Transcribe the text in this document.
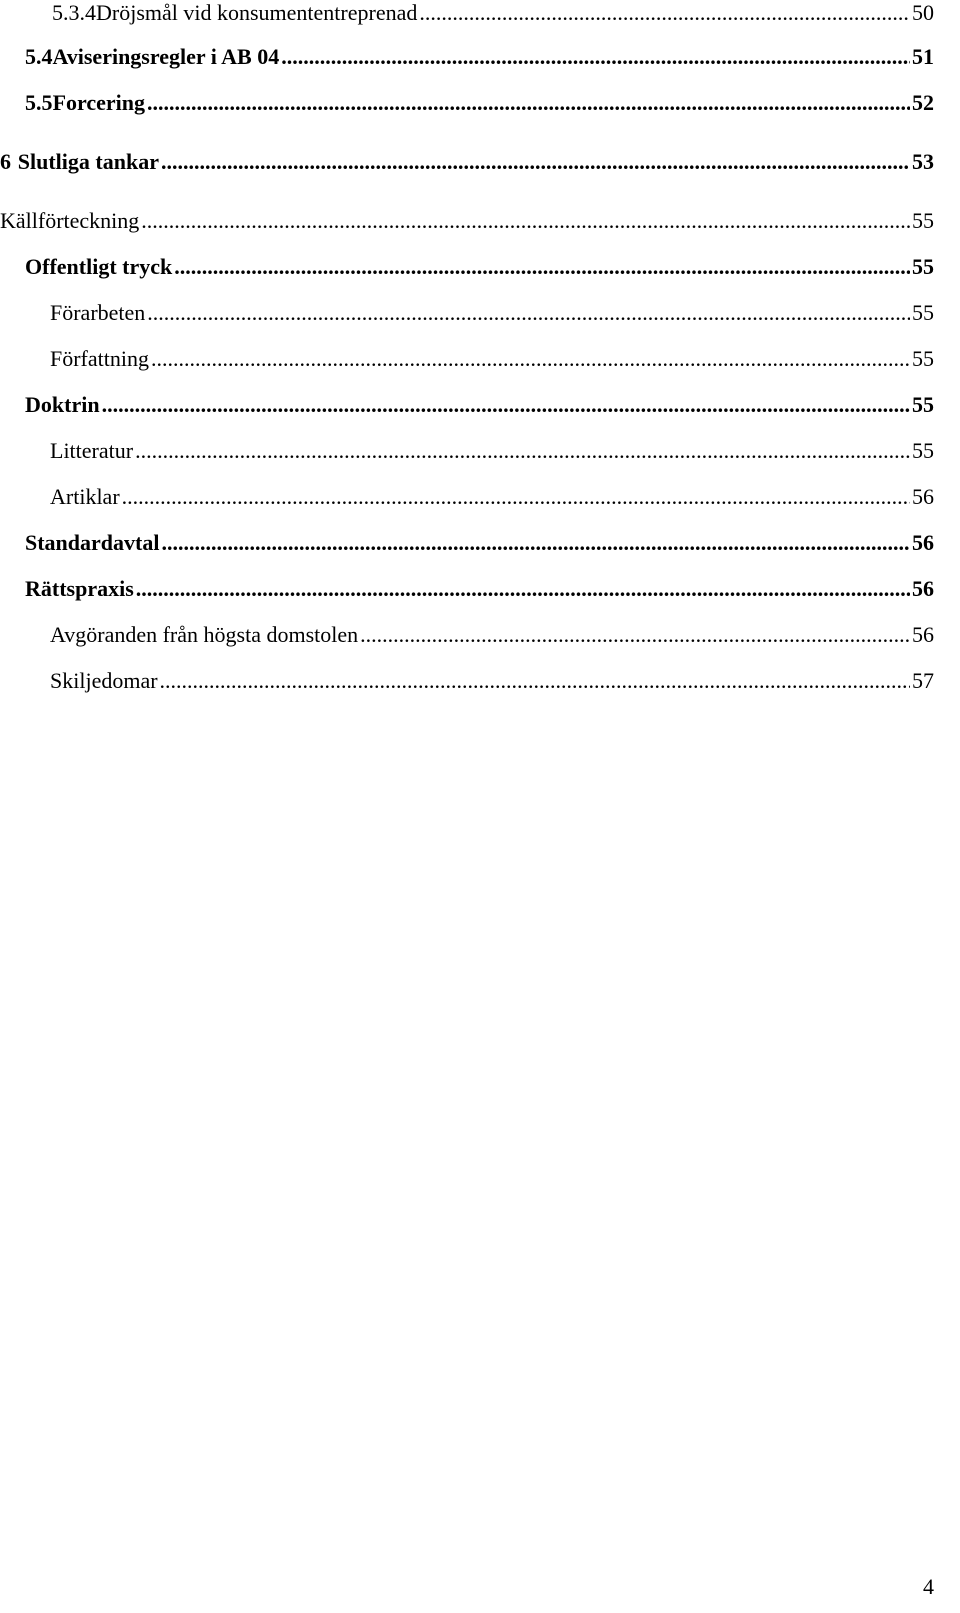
5.3.4 Dröjsmål vid konsumententreprenad .....	50
5.4 Aviseringsregler i AB 04 .....	51
5.5 Forcering .....	52
6 Slutliga tankar .....	53
Källförteckning .....	55
Offentligt tryck .....	55
Förarbeten .....	55
Författning .....	55
Doktrin .....	55
Litteratur .....	55
Artiklar .....	56
Standardavtal .....	56
Rättspraxis .....	56
Avgöranden från högsta domstolen .....	56
Skiljedomar .....	57
4
